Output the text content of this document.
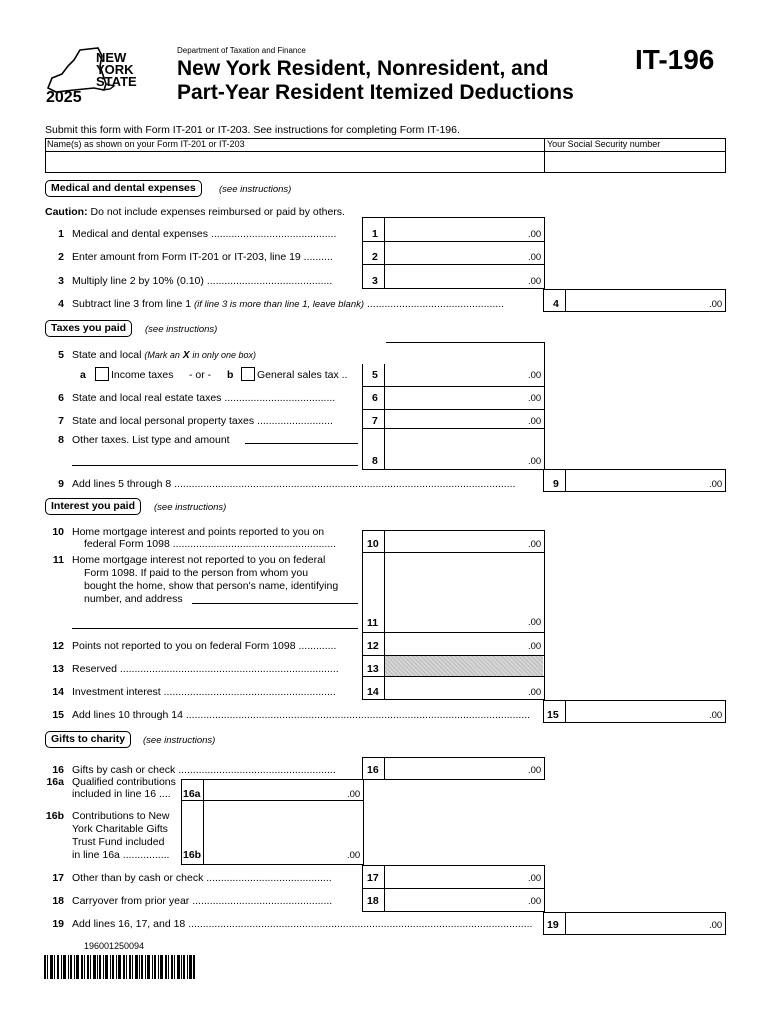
NEW
YORK
STATE
2025
Department of Taxation and Finance
New York Resident, Nonresident, and
Part-Year Resident Itemized Deductions
IT-196
Submit this form with Form IT-201 or IT-203. See instructions for completing Form IT-196.
Name(s) as shown on your Form IT-201 or IT-203	Your Social Security number
Medical and dental expenses	(see instructions)
Caution: Do not include expenses reimbursed or paid by others.
1 Medical and dental expenses ...........................................	1	.00
2 Enter amount from Form IT-201 or IT-203, line 19 ..........	2	.00
3 Multiply line 2 by 10% (0.10) ...........................................	3	.00
4 Subtract line 3 from line 1 (if line 3 is more than line 1, leave blank) ...............................................	4	.00
Taxes you paid	(see instructions)
5 State and local (Mark an X in only one box)
a Income taxes - or - b General sales tax .. 5	.00
6 State and local real estate taxes ......................................	6	.00
7 State and local personal property taxes ..........................	7	.00
8 Other taxes. List type and amount
8	.00
9 Add lines 5 through 8 .....................................................................................................................	9	.00
Interest you paid	(see instructions)
10 Home mortgage interest and points reported to you on
federal Form 1098 ........................................................	10	.00
11 Home mortgage interest not reported to you on federal
Form 1098. If paid to the person from whom you
bought the home, show that person's name, identifying
number, and address
11	.00
12 Points not reported to you on federal Form 1098 .............	12	.00
13 Reserved ...........................................................................	13
14 Investment interest ...........................................................	14	.00
15 Add lines 10 through 14 ......................................................................................................................	15	.00
Gifts to charity	(see instructions)
16 Gifts by cash or check ......................................................	16	.00
16a Qualified contributions
included in line 16 ....	16a	.00
16b Contributions to New
York Charitable Gifts
Trust Fund included
in line 16a ................	16b	.00
17 Other than by cash or check ...........................................	17	.00
18 Carryover from prior year ................................................	18	.00
19 Add lines 16, 17, and 18 ......................................................................................................................	19	.00
196001250094
